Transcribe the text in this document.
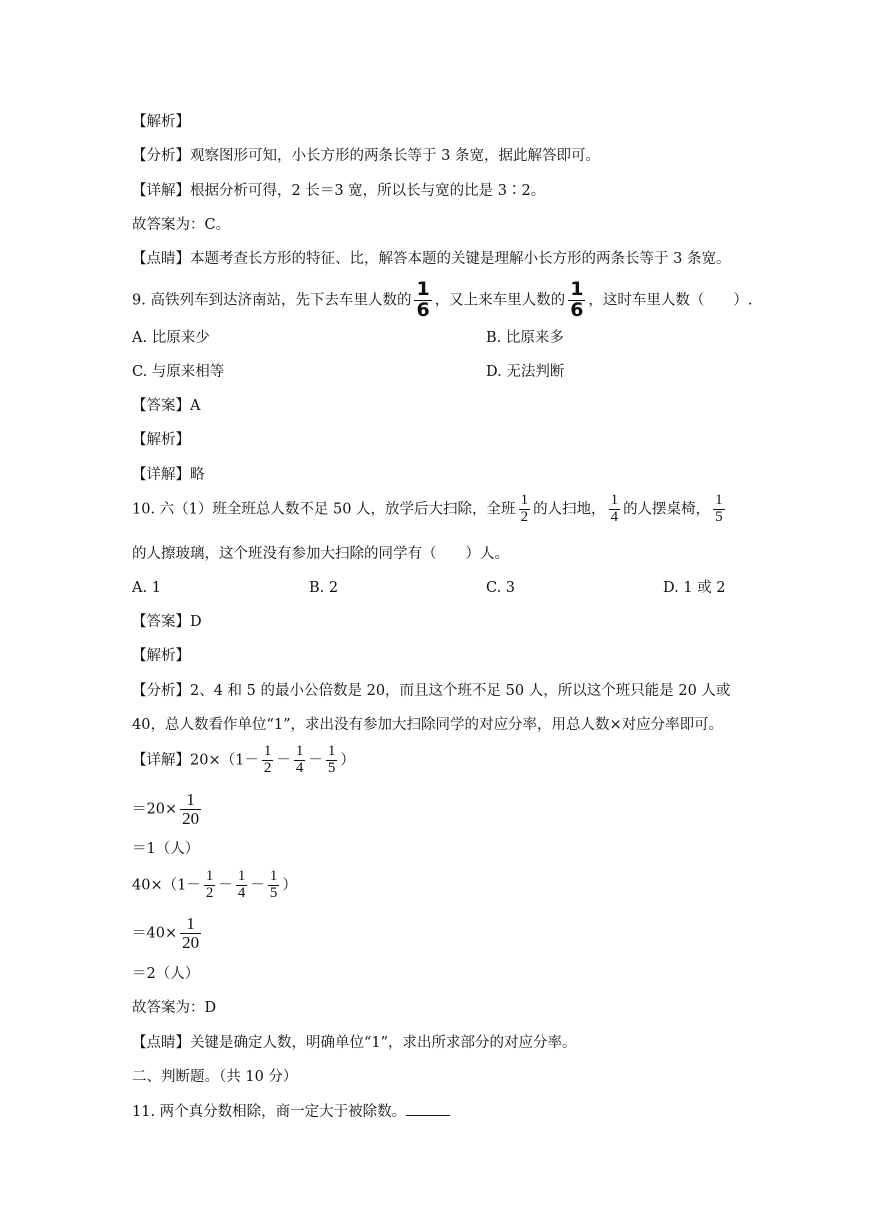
【解析】
【分析】观察图形可知，小长方形的两条长等于 3 条宽，据此解答即可。
【详解】根据分析可得，2 长＝3 宽，所以长与宽的比是 3∶2。
故答案为：C。
【点睛】本题考查长方形的特征、比，解答本题的关键是理解小长方形的两条长等于 3 条宽。
9. 高铁列车到达济南站，先下去车里人数的 $\frac{1}{6}$ ，又上来车里人数的 $\frac{1}{6}$ ，这时车里人数（　　）.
A. 比原来少	B. 比原来多
C. 与原来相等	D. 无法判断
【答案】A
【解析】
【详解】略
10. 六（1）班全班总人数不足 50 人，放学后大扫除，全班 $\frac{1}{2}$ 的人扫地， $\frac{1}{4}$ 的人摆桌椅， $\frac{1}{5}$
的人擦玻璃，这个班没有参加大扫除的同学有（　　）人。
A. 1	B. 2	C. 3	D. 1 或 2
【答案】D
【解析】
【分析】2、4 和 5 的最小公倍数是 20，而且这个班不足 50 人，所以这个班只能是 20 人或
40，总人数看作单位“1”，求出没有参加大扫除同学的对应分率，用总人数×对应分率即可。
【详解】$20\times(1- \frac{1}{2} - \frac{1}{4} - \frac{1}{5}$ ）
$=20\times \frac{1}{20}$
＝1（人）
$40\times(1- \frac{1}{2} - \frac{1}{4} - \frac{1}{5}$ ）
$=40\times \frac{1}{20}$
＝2（人）
故答案为：D
【点睛】关键是确定人数，明确单位“1”，求出所求部分的对应分率。
二、判断题。（共 10 分）
11. 两个真分数相除，商一定大于被除数。
